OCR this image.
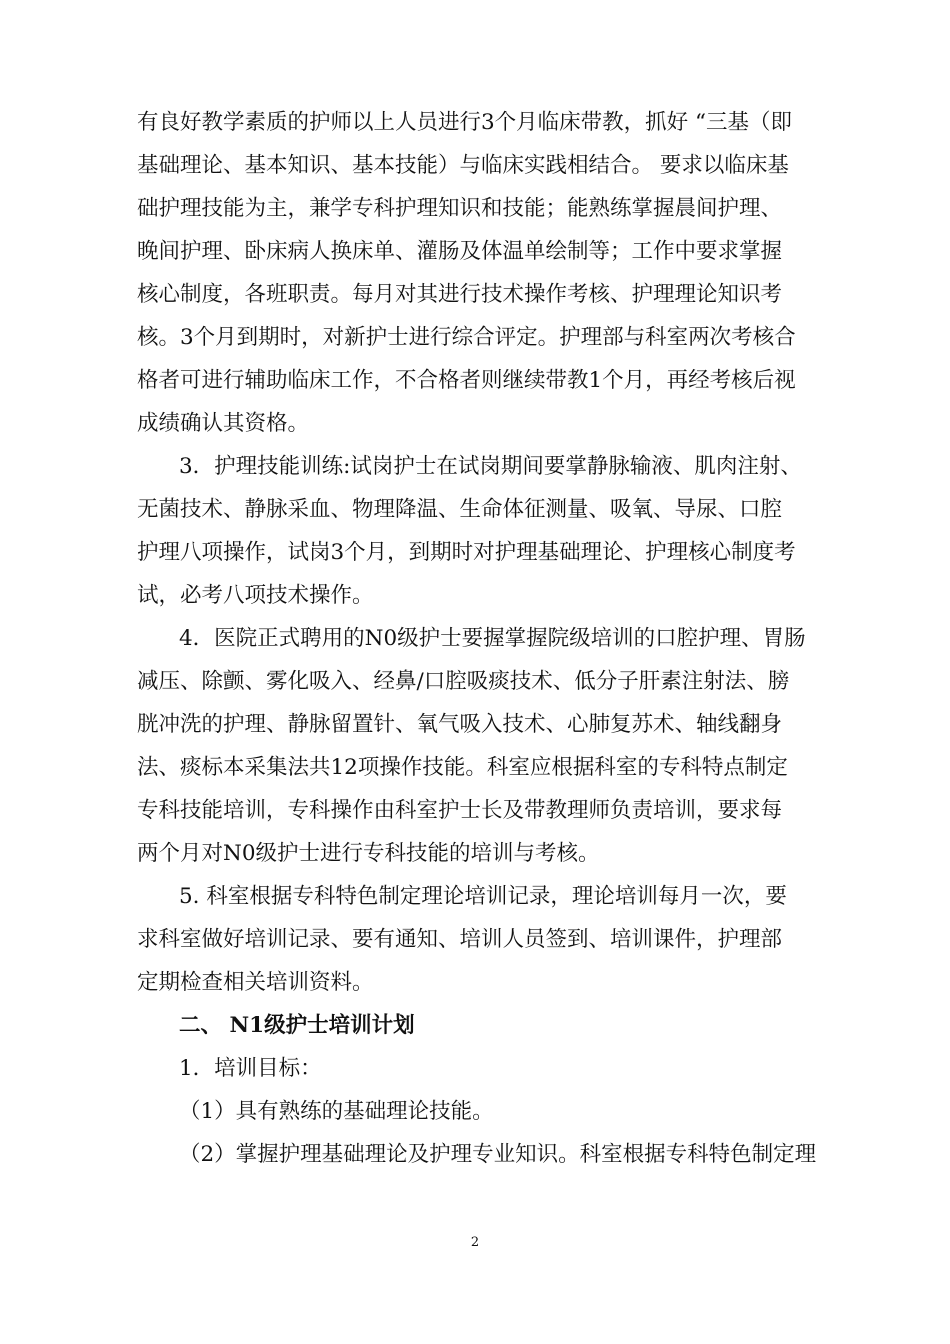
有良好教学素质的护师以上人员进行3个月临床带教，抓好 “三基（即
基础理论、基本知识、基本技能）与临床实践相结合。 要求以临床基
础护理技能为主，兼学专科护理知识和技能；能熟练掌握晨间护理、
晚间护理、卧床病人换床单、灌肠及体温单绘制等；工作中要求掌握
核心制度，各班职责。每月对其进行技术操作考核、护理理论知识考
核。3个月到期时，对新护士进行综合评定。护理部与科室两次考核合
格者可进行辅助临床工作，不合格者则继续带教1个月，再经考核后视
成绩确认其资格。
3．护理技能训练:试岗护士在试岗期间要掌静脉输液、肌肉注射、
无菌技术、静脉采血、物理降温、生命体征测量、吸氧、导尿、口腔
护理八项操作，试岗3个月，到期时对护理基础理论、护理核心制度考
试，必考八项技术操作。
4．医院正式聘用的N0级护士要握掌握院级培训的口腔护理、胃肠
减压、除颤、雾化吸入、经鼻/口腔吸痰技术、低分子肝素注射法、膀
胱冲洗的护理、静脉留置针、氧气吸入技术、心肺复苏术、轴线翻身
法、痰标本采集法共12项操作技能。科室应根据科室的专科特点制定
专科技能培训，专科操作由科室护士长及带教理师负责培训，要求每
两个月对N0级护士进行专科技能的培训与考核。
5. 科室根据专科特色制定理论培训记录，理论培训每月一次，要
求科室做好培训记录、要有通知、培训人员签到、培训课件，护理部
定期检查相关培训资料。
二、 N1级护士培训计划
1．培训目标：
（1）具有熟练的基础理论技能。
（2）掌握护理基础理论及护理专业知识。科室根据专科特色制定理
2
